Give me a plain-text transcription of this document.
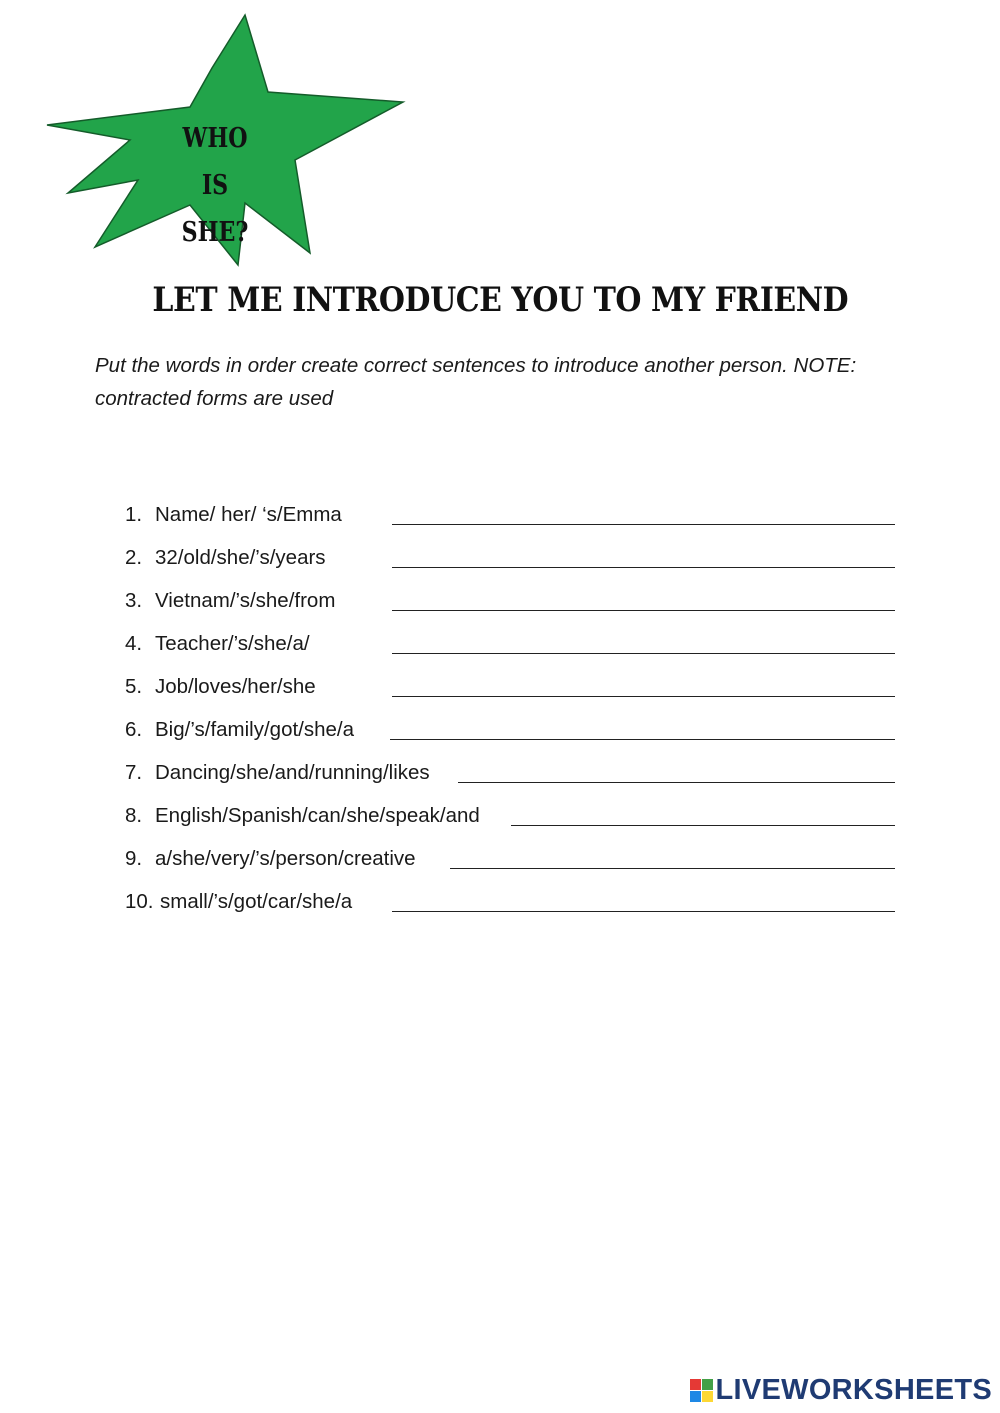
WHO IS
SHE?
LET ME INTRODUCE YOU TO MY FRIEND
Put the words in order create correct sentences to introduce another person. NOTE: contracted forms are used
1. Name/ her/ ‘s/Emma
2. 32/old/she/’s/years
3. Vietnam/’s/she/from
4. Teacher/’s/she/a/
5. Job/loves/her/she
6. Big/’s/family/got/she/a
7. Dancing/she/and/running/likes
8. English/Spanish/can/she/speak/and
9. a/she/very/’s/person/creative
10. small/’s/got/car/she/a
LIVEWORKSHEETS
